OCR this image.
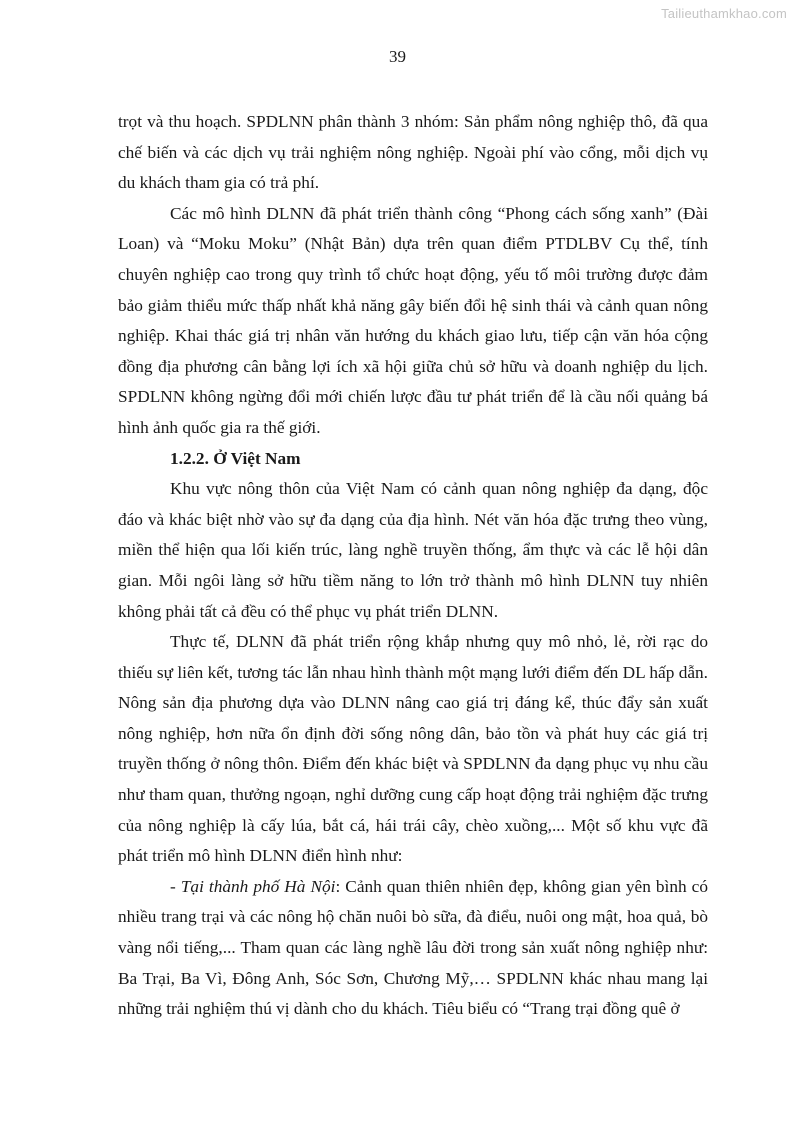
Tailieuthamkhao.com
39

trọt và thu hoạch. SPDLNN phân thành 3 nhóm: Sản phẩm nông nghiệp thô, đã qua chế biến và các dịch vụ trải nghiệm nông nghiệp. Ngoài phí vào cổng, mỗi dịch vụ du khách tham gia có trả phí.

Các mô hình DLNN đã phát triển thành công “Phong cách sống xanh” (Đài Loan) và “Moku Moku” (Nhật Bản) dựa trên quan điểm PTDLBV Cụ thể, tính chuyên nghiệp cao trong quy trình tổ chức hoạt động, yếu tố môi trường được đảm bảo giảm thiểu mức thấp nhất khả năng gây biến đổi hệ sinh thái và cảnh quan nông nghiệp. Khai thác giá trị nhân văn hướng du khách giao lưu, tiếp cận văn hóa cộng đồng địa phương cân bằng lợi ích xã hội giữa chủ sở hữu và doanh nghiệp du lịch. SPDLNN không ngừng đổi mới chiến lược đầu tư phát triển để là cầu nối quảng bá hình ảnh quốc gia ra thế giới.

1.2.2. Ở Việt Nam

Khu vực nông thôn của Việt Nam có cảnh quan nông nghiệp đa dạng, độc đáo và khác biệt nhờ vào sự đa dạng của địa hình. Nét văn hóa đặc trưng theo vùng, miền thể hiện qua lối kiến trúc, làng nghề truyền thống, ẩm thực và các lễ hội dân gian. Mỗi ngôi làng sở hữu tiềm năng to lớn trở thành mô hình DLNN tuy nhiên không phải tất cả đều có thể phục vụ phát triển DLNN.

Thực tế, DLNN đã phát triển rộng khắp nhưng quy mô nhỏ, lẻ, rời rạc do thiếu sự liên kết, tương tác lẫn nhau hình thành một mạng lưới điểm đến DL hấp dẫn. Nông sản địa phương dựa vào DLNN nâng cao giá trị đáng kể, thúc đẩy sản xuất nông nghiệp, hơn nữa ổn định đời sống nông dân, bảo tồn và phát huy các giá trị truyền thống ở nông thôn. Điểm đến khác biệt và SPDLNN đa dạng phục vụ nhu cầu như tham quan, thưởng ngoạn, nghỉ dưỡng cung cấp hoạt động trải nghiệm đặc trưng của nông nghiệp là cấy lúa, bắt cá, hái trái cây, chèo xuồng,... Một số khu vực đã phát triển mô hình DLNN điển hình như:

- Tại thành phố Hà Nội: Cảnh quan thiên nhiên đẹp, không gian yên bình có nhiều trang trại và các nông hộ chăn nuôi bò sữa, đà điểu, nuôi ong mật, hoa quả, bò vàng nổi tiếng,... Tham quan các làng nghề lâu đời trong sản xuất nông nghiệp như: Ba Trại, Ba Vì, Đông Anh, Sóc Sơn, Chương Mỹ,… SPDLNN khác nhau mang lại những trải nghiệm thú vị dành cho du khách. Tiêu biểu có “Trang trại đồng quê ở
